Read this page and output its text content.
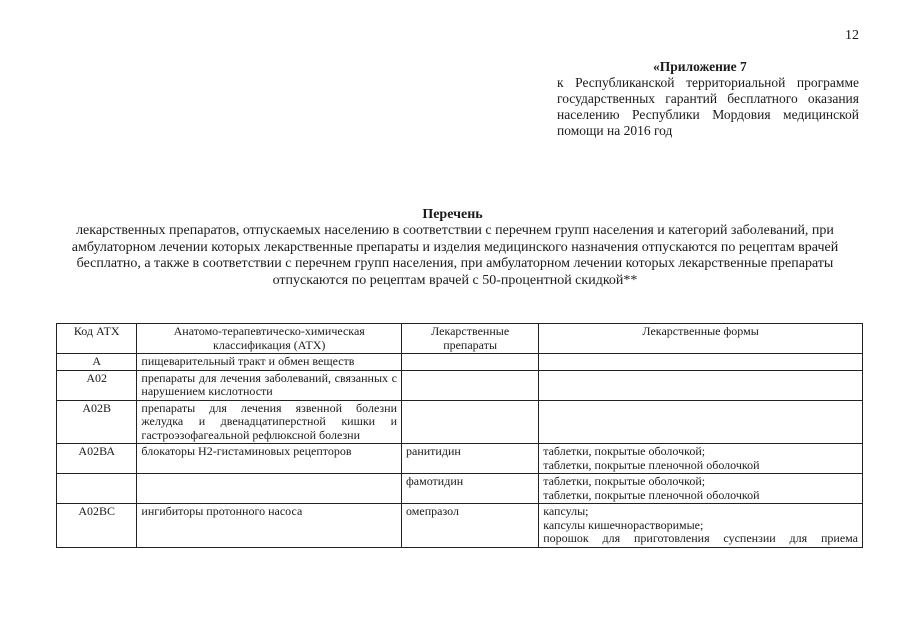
12
«Приложение 7
к Республиканской территориальной программе государственных гарантий бесплатного оказания населению Республики Мордовия медицинской помощи на 2016 год
Перечень
лекарственных препаратов, отпускаемых населению в соответствии с перечнем групп населения и категорий заболеваний, при амбулаторном лечении которых лекарственные препараты и изделия медицинского назначения отпускаются по рецептам врачей бесплатно, а также в соответствии с перечнем групп населения, при амбулаторном лечении которых лекарственные препараты отпускаются по рецептам врачей с 50-процентной скидкой**
Код АТХ	Анатомо-терапевтическо-химическая классификация (АТХ)	Лекарственные препараты	Лекарственные формы
А	пищеварительный тракт и обмен веществ		
А02	препараты для лечения заболеваний, связанных с нарушением кислотности		
А02В	препараты для лечения язвенной болезни желудка и двенадцатиперстной кишки и гастроэзофагеальной рефлюксной болезни		
А02ВА	блокаторы Н2-гистаминовых рецепторов	ранитидин	таблетки, покрытые оболочкой;
таблетки, покрытые пленочной оболочкой

		фамотидин	таблетки, покрытые оболочкой;
таблетки, покрытые пленочной оболочкой

А02ВС	ингибиторы протонного насоса	омепразол	капсулы;
капсулы кишечнорастворимые;
порошок для приготовления суспензии для приема
